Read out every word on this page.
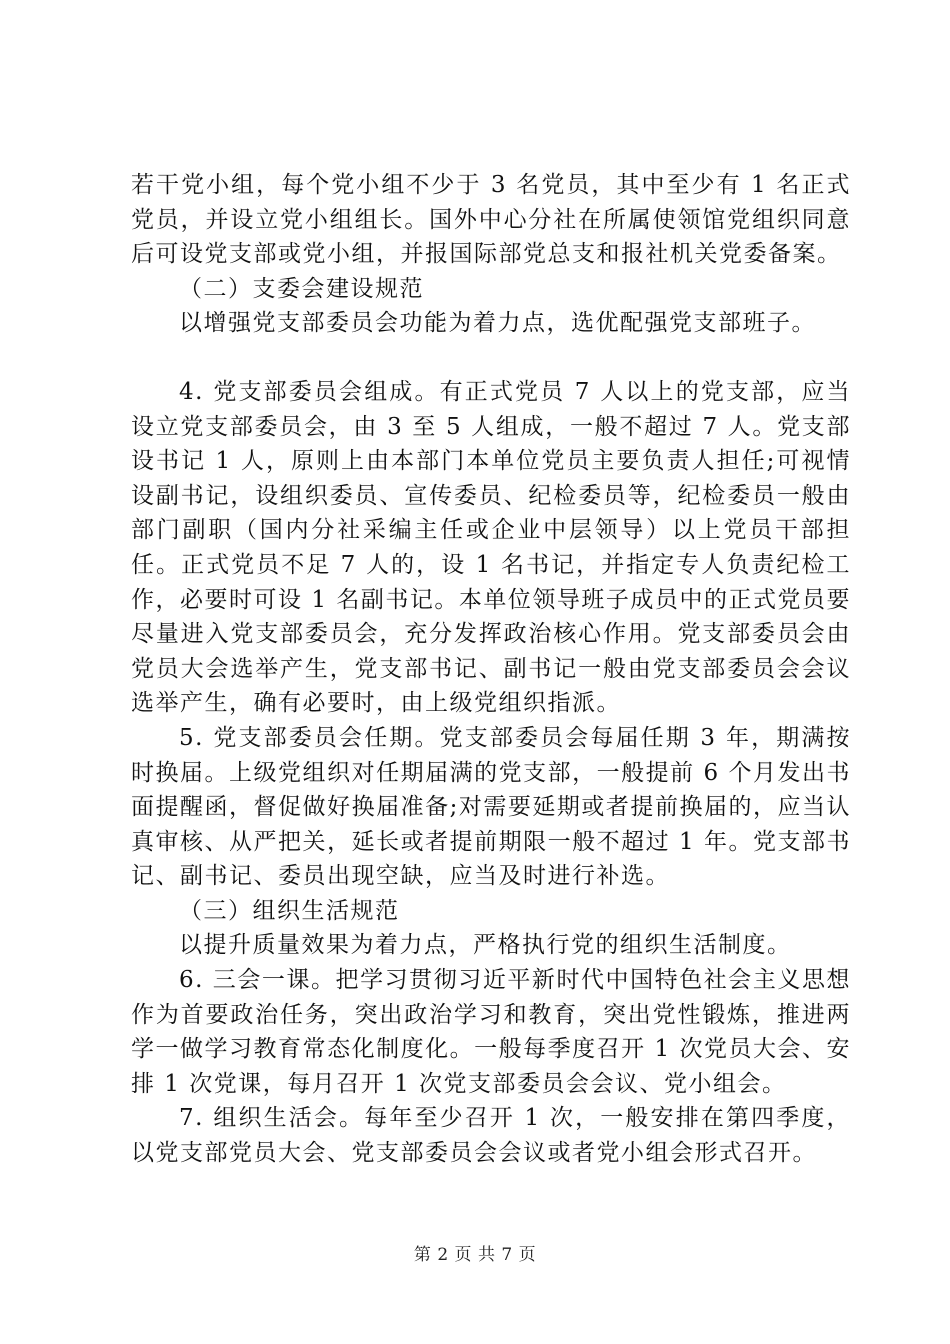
若干党小组，每个党小组不少于 3 名党员，其中至少有 1 名正式党员，并设立党小组组长。国外中心分社在所属使领馆党组织同意后可设党支部或党小组，并报国际部党总支和报社机关党委备案。

（二）支委会建设规范

以增强党支部委员会功能为着力点，选优配强党支部班子。

4. 党支部委员会组成。有正式党员 7 人以上的党支部，应当设立党支部委员会，由 3 至 5 人组成，一般不超过 7 人。党支部设书记 1 人，原则上由本部门本单位党员主要负责人担任;可视情设副书记，设组织委员、宣传委员、纪检委员等，纪检委员一般由部门副职（国内分社采编主任或企业中层领导）以上党员干部担任。正式党员不足 7 人的，设 1 名书记，并指定专人负责纪检工作，必要时可设 1 名副书记。本单位领导班子成员中的正式党员要尽量进入党支部委员会，充分发挥政治核心作用。党支部委员会由党员大会选举产生，党支部书记、副书记一般由党支部委员会会议选举产生，确有必要时，由上级党组织指派。

5. 党支部委员会任期。党支部委员会每届任期 3 年，期满按时换届。上级党组织对任期届满的党支部，一般提前 6 个月发出书面提醒函，督促做好换届准备;对需要延期或者提前换届的，应当认真审核、从严把关，延长或者提前期限一般不超过 1 年。党支部书记、副书记、委员出现空缺，应当及时进行补选。

（三）组织生活规范

以提升质量效果为着力点，严格执行党的组织生活制度。

6. 三会一课。把学习贯彻习近平新时代中国特色社会主义思想作为首要政治任务，突出政治学习和教育，突出党性锻炼，推进两学一做学习教育常态化制度化。一般每季度召开 1 次党员大会、安排 1 次党课，每月召开 1 次党支部委员会会议、党小组会。

7. 组织生活会。每年至少召开 1 次，一般安排在第四季度，以党支部党员大会、党支部委员会会议或者党小组会形式召开。

第 2 页 共 7 页
